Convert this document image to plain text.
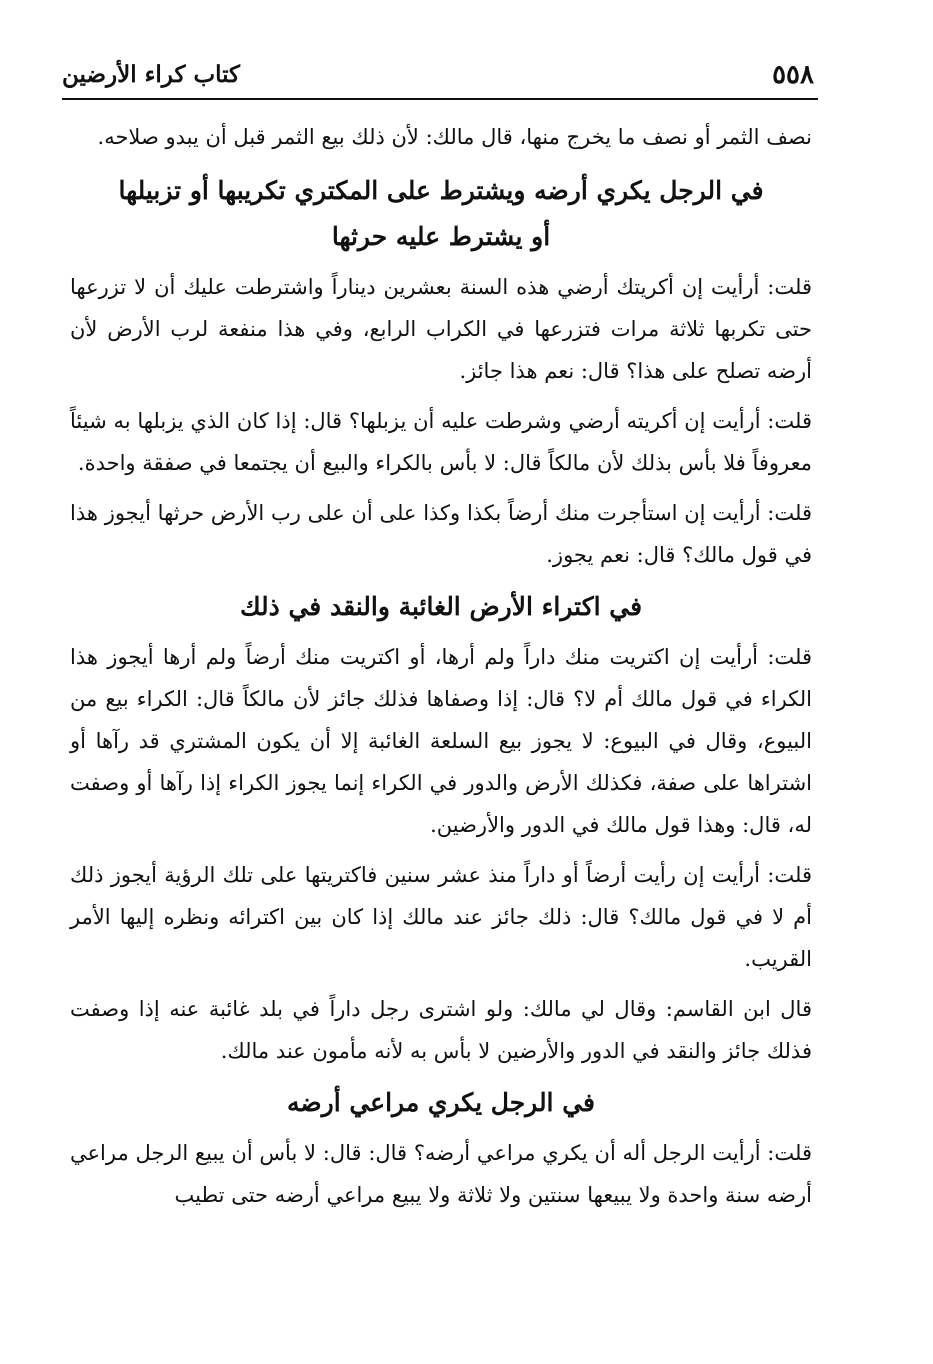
٥٥٨
كتاب كراء الأرضين

نصف الثمر أو نصف ما يخرج منها، قال مالك: لأن ذلك بيع الثمر قبل أن يبدو صلاحه.

في الرجل يكري أرضه ويشترط على المكتري تكريبها أو تزبيلها
أو يشترط عليه حرثها

قلت: أرأيت إن أكريتك أرضي هذه السنة بعشرين ديناراً واشترطت عليك أن لا تزرعها حتى تكربها ثلاثة مرات فتزرعها في الكراب الرابع، وفي هذا منفعة لرب الأرض لأن أرضه تصلح على هذا؟ قال: نعم هذا جائز.

قلت: أرأيت إن أكريته أرضي وشرطت عليه أن يزبلها؟ قال: إذا كان الذي يزبلها به شيئاً معروفاً فلا بأس بذلك لأن مالكاً قال: لا بأس بالكراء والبيع أن يجتمعا في صفقة واحدة.

قلت: أرأيت إن استأجرت منك أرضاً بكذا وكذا على أن على رب الأرض حرثها أيجوز هذا في قول مالك؟ قال: نعم يجوز.

في اكتراء الأرض الغائبة والنقد في ذلك

قلت: أرأيت إن اكتريت منك داراً ولم أرها، أو اكتريت منك أرضاً ولم أرها أيجوز هذا الكراء في قول مالك أم لا؟ قال: إذا وصفاها فذلك جائز لأن مالكاً قال: الكراء بيع من البيوع، وقال في البيوع: لا يجوز بيع السلعة الغائبة إلا أن يكون المشتري قد رآها أو اشتراها على صفة، فكذلك الأرض والدور في الكراء إنما يجوز الكراء إذا رآها أو وصفت له، قال: وهذا قول مالك في الدور والأرضين.

قلت: أرأيت إن رأيت أرضاً أو داراً منذ عشر سنين فاكتريتها على تلك الرؤية أيجوز ذلك أم لا في قول مالك؟ قال: ذلك جائز عند مالك إذا كان بين اكترائه ونظره إليها الأمر القريب.

قال ابن القاسم: وقال لي مالك: ولو اشترى رجل داراً في بلد غائبة عنه إذا وصفت فذلك جائز والنقد في الدور والأرضين لا بأس به لأنه مأمون عند مالك.

في الرجل يكري مراعي أرضه

قلت: أرأيت الرجل أله أن يكري مراعي أرضه؟ قال: قال: لا بأس أن يبيع الرجل مراعي أرضه سنة واحدة ولا يبيعها سنتين ولا ثلاثة ولا يبيع مراعي أرضه حتى تطيب
